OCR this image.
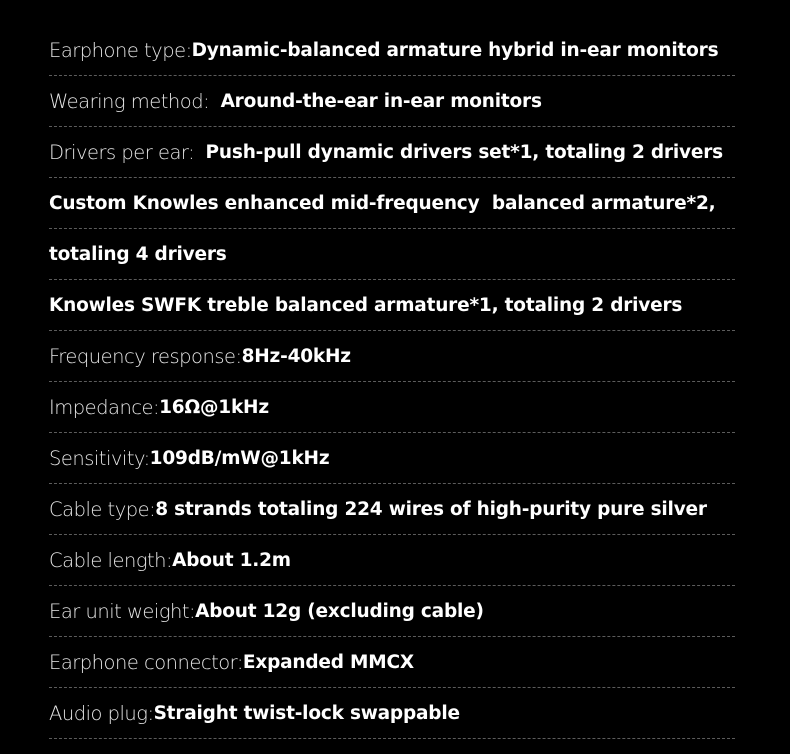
Earphone type: Dynamic-balanced armature hybrid in-ear monitors
Wearing method: Around-the-ear in-ear monitors
Drivers per ear: Push-pull dynamic drivers set*1, totaling 2 drivers
Custom Knowles enhanced mid-frequency  balanced armature*2,
totaling 4 drivers
Knowles SWFK treble balanced armature*1, totaling 2 drivers
Frequency response: 8Hz-40kHz
Impedance: 16Ω@1kHz
Sensitivity: 109dB/mW@1kHz
Cable type: 8 strands totaling 224 wires of high-purity pure silver
Cable length: About 1.2m
Ear unit weight: About 12g (excluding cable)
Earphone connector: Expanded MMCX
Audio plug: Straight twist-lock swappable
